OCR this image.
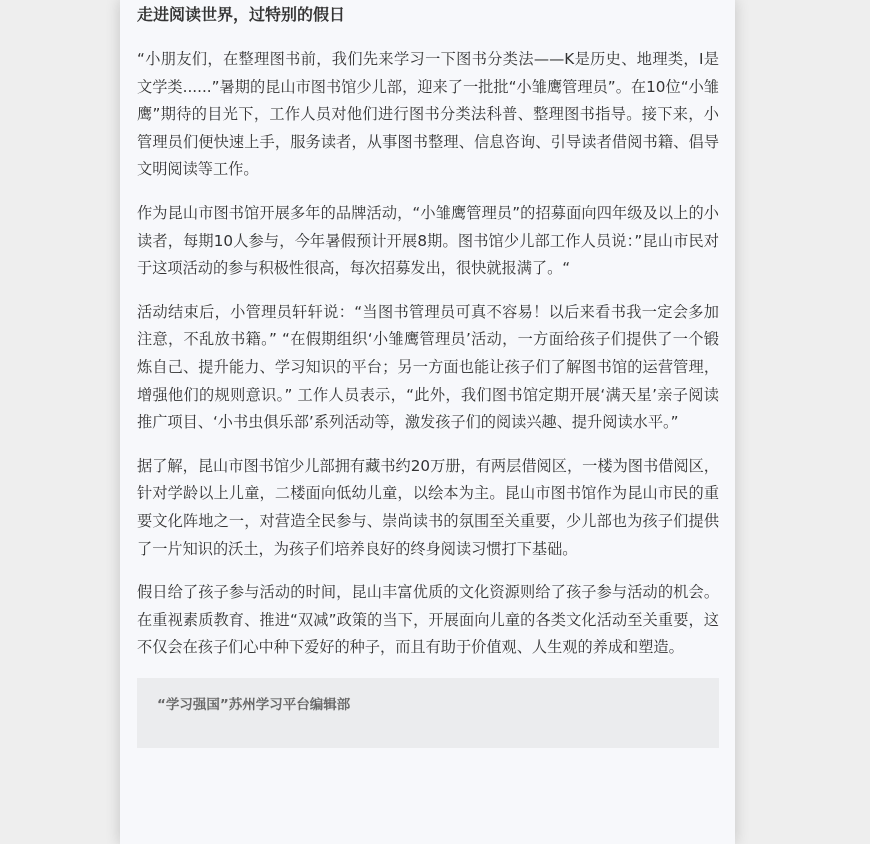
走进阅读世界，过特别的假日

“小朋友们，在整理图书前，我们先来学习一下图书分类法——K是历史、地理类，I是文学类......”暑期的昆山市图书馆少儿部，迎来了一批批“小雏鹰管理员”。在10位“小雏鹰”期待的目光下，工作人员对他们进行图书分类法科普、整理图书指导。接下来，小管理员们便快速上手，服务读者，从事图书整理、信息咨询、引导读者借阅书籍、倡导文明阅读等工作。

作为昆山市图书馆开展多年的品牌活动，“小雏鹰管理员”的招募面向四年级及以上的小读者，每期10人参与，今年暑假预计开展8期。图书馆少儿部工作人员说：”昆山市民对于这项活动的参与积极性很高，每次招募发出，很快就报满了。“

活动结束后，小管理员轩轩说：“当图书管理员可真不容易！以后来看书我一定会多加注意，不乱放书籍。” “在假期组织‘小雏鹰管理员’活动，一方面给孩子们提供了一个锻炼自己、提升能力、学习知识的平台；另一方面也能让孩子们了解图书馆的运营管理，增强他们的规则意识。” 工作人员表示，“此外，我们图书馆定期开展‘满天星’亲子阅读推广项目、‘小书虫俱乐部’系列活动等，激发孩子们的阅读兴趣、提升阅读水平。”

据了解，昆山市图书馆少儿部拥有藏书约20万册，有两层借阅区，一楼为图书借阅区，针对学龄以上儿童，二楼面向低幼儿童，以绘本为主。昆山市图书馆作为昆山市民的重要文化阵地之一，对营造全民参与、崇尚读书的氛围至关重要，少儿部也为孩子们提供了一片知识的沃土，为孩子们培养良好的终身阅读习惯打下基础。

假日给了孩子参与活动的时间，昆山丰富优质的文化资源则给了孩子参与活动的机会。在重视素质教育、推进“双减”政策的当下，开展面向儿童的各类文化活动至关重要，这不仅会在孩子们心中种下爱好的种子，而且有助于价值观、人生观的养成和塑造。

“学习强国”苏州学习平台编辑部
